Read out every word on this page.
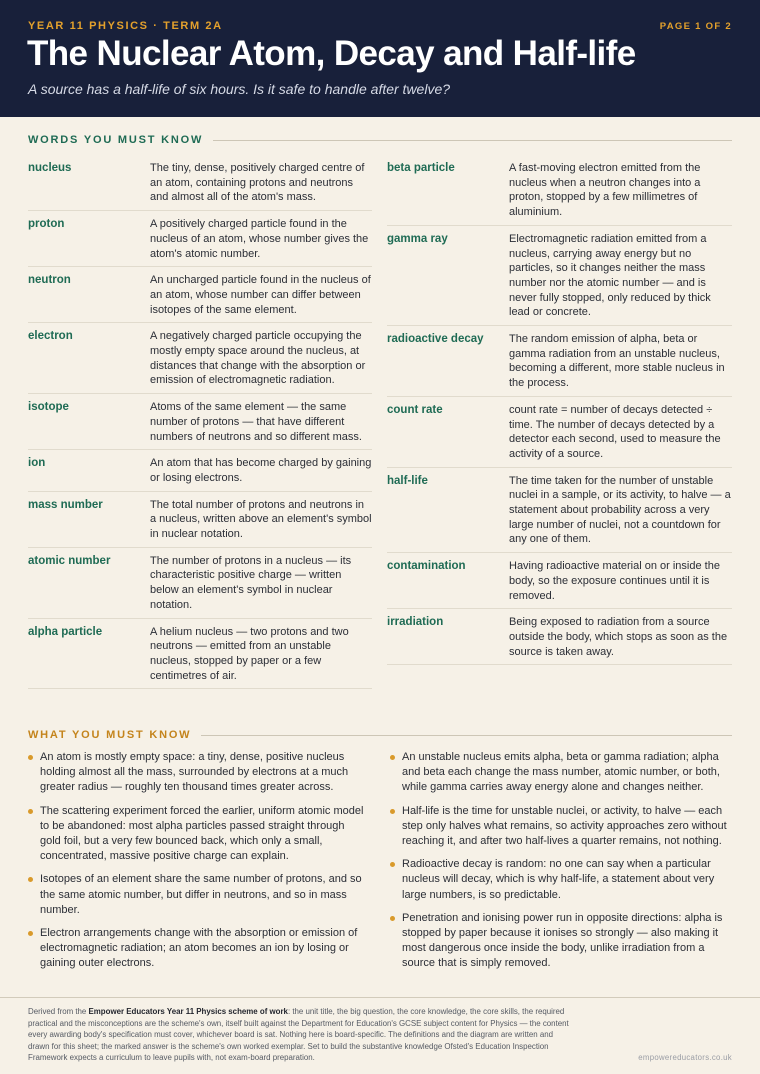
YEAR 11 PHYSICS · TERM 2A	PAGE 1 OF 2
The Nuclear Atom, Decay and Half-life
A source has a half-life of six hours. Is it safe to handle after twelve?
WORDS YOU MUST KNOW
nucleus	The tiny, dense, positively charged centre of an atom, containing protons and neutrons and almost all of the atom's mass.
proton	A positively charged particle found in the nucleus of an atom, whose number gives the atom's atomic number.
neutron	An uncharged particle found in the nucleus of an atom, whose number can differ between isotopes of the same element.
electron	A negatively charged particle occupying the mostly empty space around the nucleus, at distances that change with the absorption or emission of electromagnetic radiation.
isotope	Atoms of the same element — the same number of protons — that have different numbers of neutrons and so different mass.
ion	An atom that has become charged by gaining or losing electrons.
mass number	The total number of protons and neutrons in a nucleus, written above an element's symbol in nuclear notation.
atomic number	The number of protons in a nucleus — its characteristic positive charge — written below an element's symbol in nuclear notation.
alpha particle	A helium nucleus — two protons and two neutrons — emitted from an unstable nucleus, stopped by paper or a few centimetres of air.
beta particle	A fast-moving electron emitted from the nucleus when a neutron changes into a proton, stopped by a few millimetres of aluminium.
gamma ray	Electromagnetic radiation emitted from a nucleus, carrying away energy but no particles, so it changes neither the mass number nor the atomic number — and is never fully stopped, only reduced by thick lead or concrete.
radioactive decay	The random emission of alpha, beta or gamma radiation from an unstable nucleus, becoming a different, more stable nucleus in the process.
count rate	count rate = number of decays detected ÷ time. The number of decays detected by a detector each second, used to measure the activity of a source.
half-life	The time taken for the number of unstable nuclei in a sample, or its activity, to halve — a statement about probability across a very large number of nuclei, not a countdown for any one of them.
contamination	Having radioactive material on or inside the body, so the exposure continues until it is removed.
irradiation	Being exposed to radiation from a source outside the body, which stops as soon as the source is taken away.
WHAT YOU MUST KNOW
An atom is mostly empty space: a tiny, dense, positive nucleus holding almost all the mass, surrounded by electrons at a much greater radius — roughly ten thousand times greater across.
The scattering experiment forced the earlier, uniform atomic model to be abandoned: most alpha particles passed straight through gold foil, but a very few bounced back, which only a small, concentrated, massive positive charge can explain.
Isotopes of an element share the same number of protons, and so the same atomic number, but differ in neutrons, and so in mass number.
Electron arrangements change with the absorption or emission of electromagnetic radiation; an atom becomes an ion by losing or gaining outer electrons.
An unstable nucleus emits alpha, beta or gamma radiation; alpha and beta each change the mass number, atomic number, or both, while gamma carries away energy alone and changes neither.
Half-life is the time for unstable nuclei, or activity, to halve — each step only halves what remains, so activity approaches zero without reaching it, and after two half-lives a quarter remains, not nothing.
Radioactive decay is random: no one can say when a particular nucleus will decay, which is why half-life, a statement about very large numbers, is so predictable.
Penetration and ionising power run in opposite directions: alpha is stopped by paper because it ionises so strongly — also making it most dangerous once inside the body, unlike irradiation from a source that is simply removed.
Derived from the Empower Educators Year 11 Physics scheme of work: the unit title, the big question, the core knowledge, the core skills, the required practical and the misconceptions are the scheme's own, itself built against the Department for Education's GCSE subject content for Physics — the content every awarding body's specification must cover, whichever board is sat. Nothing here is board-specific. The definitions and the diagram are written and drawn for this sheet; the marked answer is the scheme's own worked exemplar. Set to build the substantive knowledge Ofsted's Education Inspection Framework expects a curriculum to leave pupils with, not exam-board preparation.	empowereducators.co.uk
